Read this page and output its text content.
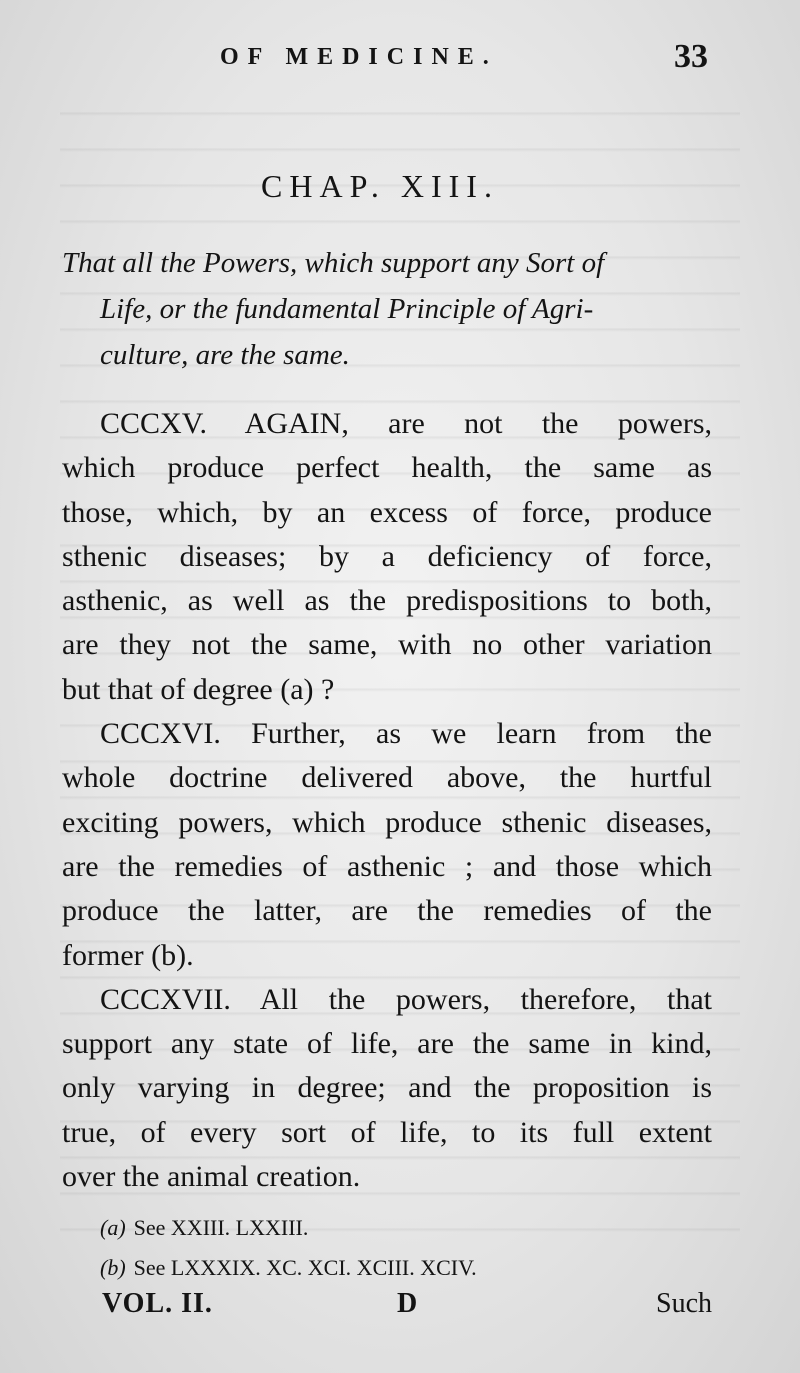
OF MEDICINE.	33
CHAP. XIII.
That all the Powers, which support any Sort of
Life, or the fundamental Principle of Agri-
culture, are the same.
CCCXV. AGAIN, are not the powers,
which produce perfect health, the same as
those, which, by an excess of force, produce
sthenic diseases; by a deficiency of force,
asthenic, as well as the predispositions to both,
are they not the same, with no other variation
but that of degree (a) ?
CCCXVI. Further, as we learn from the
whole doctrine delivered above, the hurtful
exciting powers, which produce sthenic diseases,
are the remedies of asthenic ; and those which
produce the latter, are the remedies of the
former (b).
CCCXVII. All the powers, therefore, that
support any state of life, are the same in kind,
only varying in degree; and the proposition is
true, of every sort of life, to its full extent
over the animal creation.
(a) See XXIII. LXXIII.
(b) See LXXXIX. XC. XCI. XCIII. XCIV.
VOL. II.	D	Such
